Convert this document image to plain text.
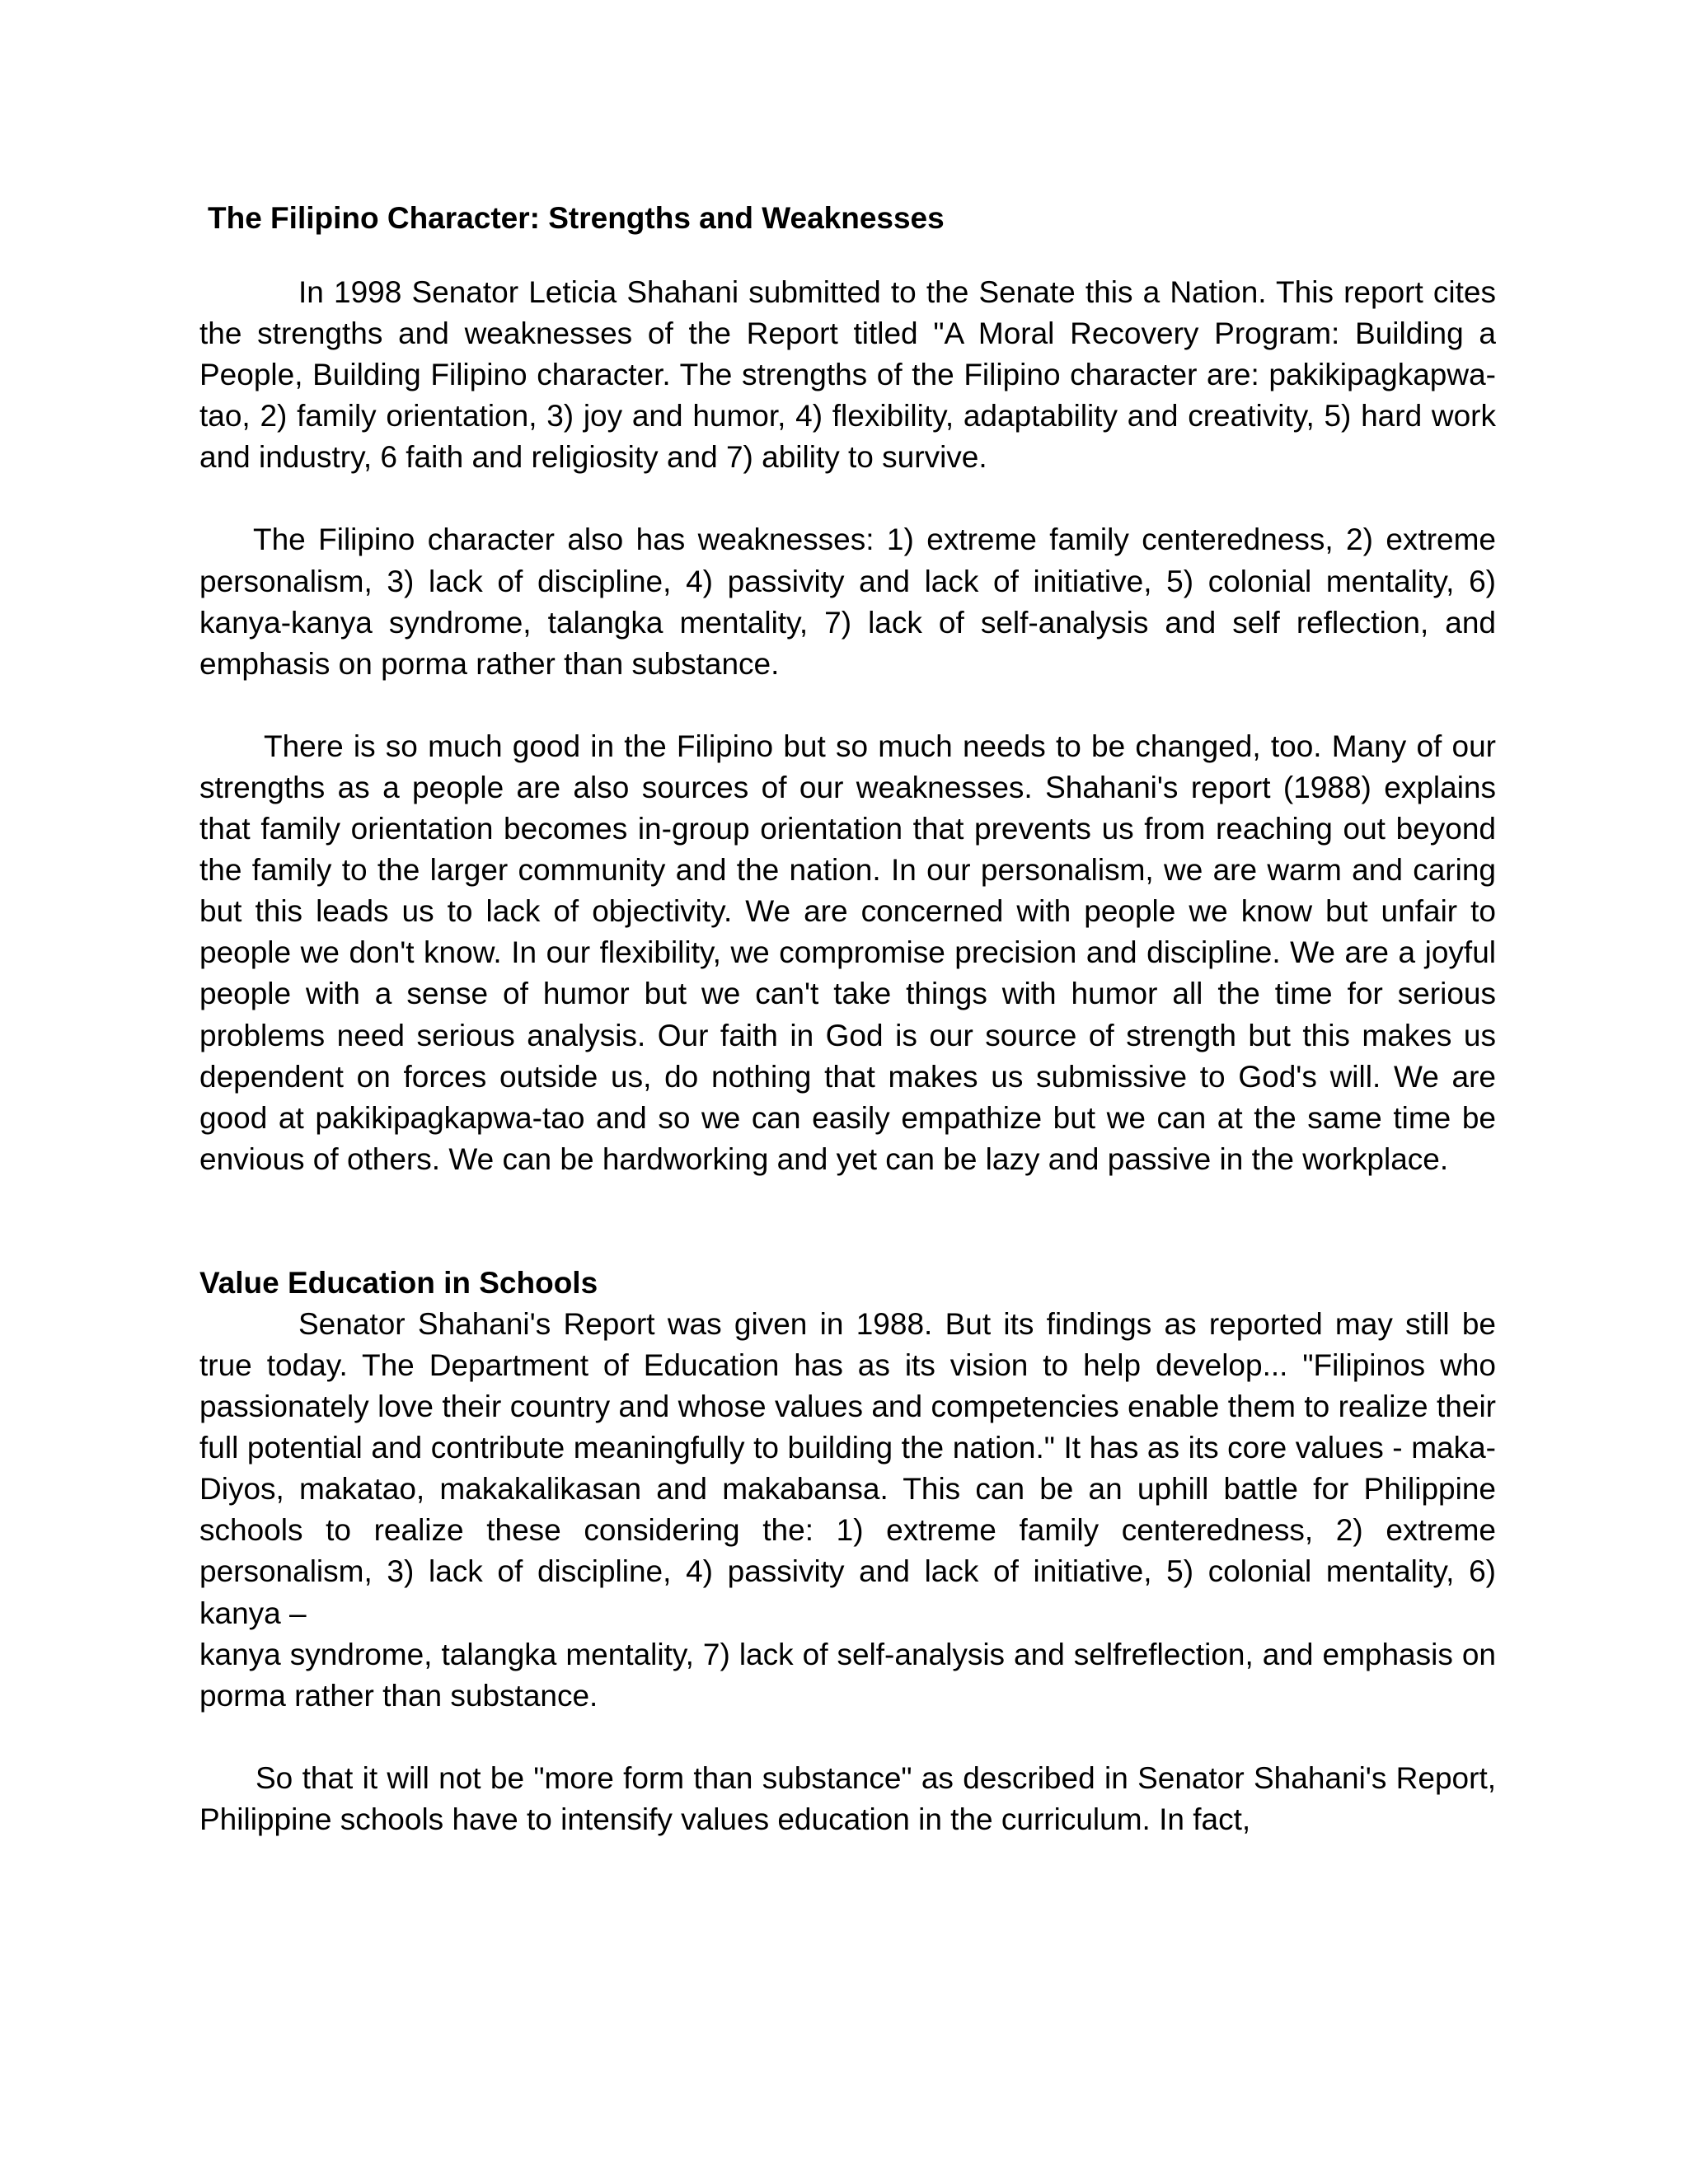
The Filipino Character: Strengths and Weaknesses

In 1998 Senator Leticia Shahani submitted to the Senate this a Nation. This report cites the strengths and weaknesses of the Report titled "A Moral Recovery Program: Building a People, Building Filipino character. The strengths of the Filipino character are: pakikipagkapwa-tao, 2) family orientation, 3) joy and humor, 4) flexibility, adaptability and creativity, 5) hard work and industry, 6 faith and religiosity and 7) ability to survive.

The Filipino character also has weaknesses: 1) extreme family centeredness, 2) extreme personalism, 3) lack of discipline, 4) passivity and lack of initiative, 5) colonial mentality, 6) kanya-kanya syndrome, talangka mentality, 7) lack of self-analysis and self reflection, and emphasis on porma rather than substance.

There is so much good in the Filipino but so much needs to be changed, too. Many of our strengths as a people are also sources of our weaknesses. Shahani's report (1988) explains that family orientation becomes in-group orientation that prevents us from reaching out beyond the family to the larger community and the nation. In our personalism, we are warm and caring but this leads us to lack of objectivity. We are concerned with people we know but unfair to people we don't know. In our flexibility, we compromise precision and discipline. We are a joyful people with a sense of humor but we can't take things with humor all the time for serious problems need serious analysis. Our faith in God is our source of strength but this makes us dependent on forces outside us, do nothing that makes us submissive to God's will. We are good at pakikipagkapwa-tao and so we can easily empathize but we can at the same time be envious of others. We can be hardworking and yet can be lazy and passive in the workplace.

Value Education in Schools

Senator Shahani's Report was given in 1988. But its findings as reported may still be true today. The Department of Education has as its vision to help develop... "Filipinos who passionately love their country and whose values and competencies enable them to realize their full potential and contribute meaningfully to building the nation." It has as its core values - maka-Diyos, makatao, makakalikasan and makabansa. This can be an uphill battle for Philippine schools to realize these considering the: 1) extreme family centeredness, 2) extreme personalism, 3) lack of discipline, 4) passivity and lack of initiative, 5) colonial mentality, 6) kanya –

kanya syndrome, talangka mentality, 7) lack of self-analysis and selfreflection, and emphasis on porma rather than substance.

So that it will not be "more form than substance" as described in Senator Shahani's Report, Philippine schools have to intensify values education in the curriculum. In fact,
